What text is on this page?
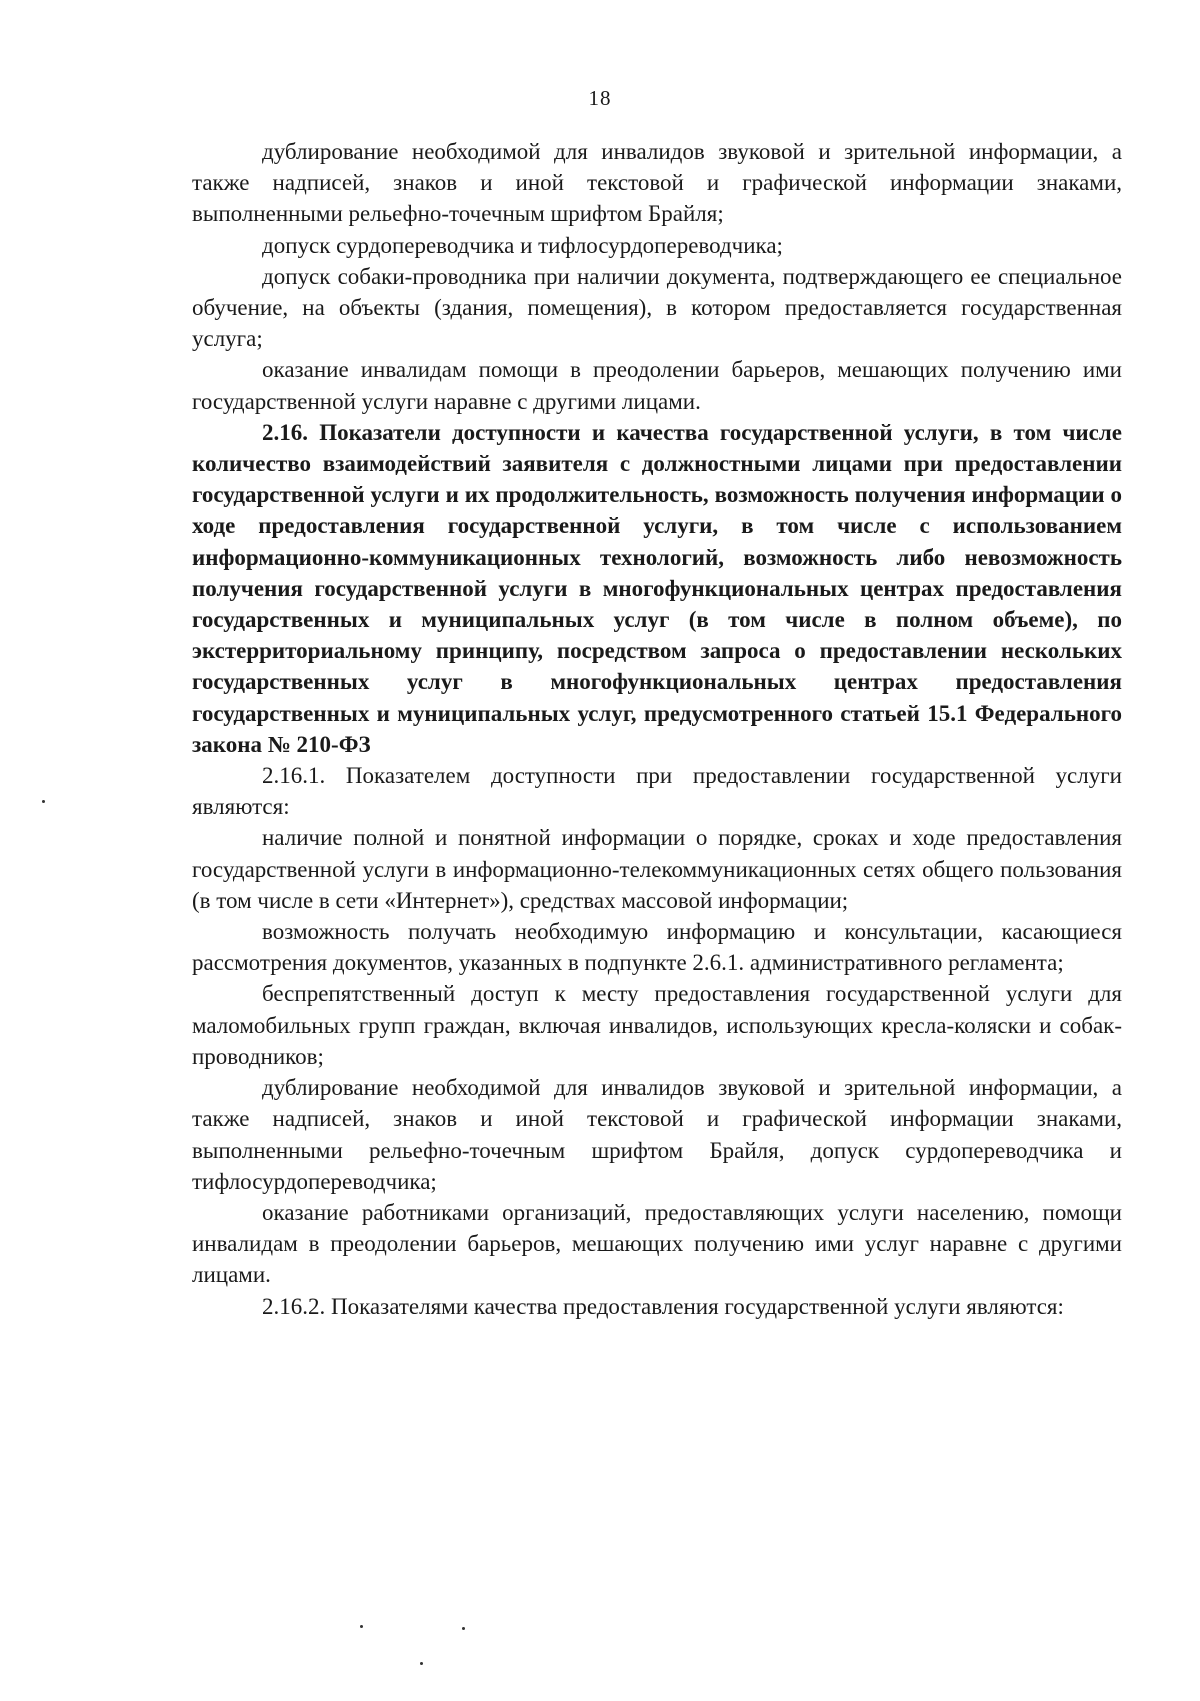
18

дублирование необходимой для инвалидов звуковой и зрительной информации, а также надписей, знаков и иной текстовой и графической информации знаками, выполненными рельефно-точечным шрифтом Брайля;

допуск сурдопереводчика и тифлосурдопереводчика;

допуск собаки-проводника при наличии документа, подтверждающего ее специальное обучение, на объекты (здания, помещения), в котором предоставляется государственная услуга;

оказание инвалидам помощи в преодолении барьеров, мешающих получению ими государственной услуги наравне с другими лицами.

2.16. Показатели доступности и качества государственной услуги, в том числе количество взаимодействий заявителя с должностными лицами при предоставлении государственной услуги и их продолжительность, возможность получения информации о ходе предоставления государственной услуги, в том числе с использованием информационно-коммуникационных технологий, возможность либо невозможность получения государственной услуги в многофункциональных центрах предоставления государственных и муниципальных услуг (в том числе в полном объеме), по экстерриториальному принципу, посредством запроса о предоставлении нескольких государственных услуг в многофункциональных центрах предоставления государственных и муниципальных услуг, предусмотренного статьей 15.1 Федерального закона № 210-ФЗ

2.16.1. Показателем доступности при предоставлении государственной услуги являются:

наличие полной и понятной информации о порядке, сроках и ходе предоставления государственной услуги в информационно-телекоммуникационных сетях общего пользования (в том числе в сети «Интернет»), средствах массовой информации;

возможность получать необходимую информацию и консультации, касающиеся рассмотрения документов, указанных в подпункте 2.6.1. административного регламента;

беспрепятственный доступ к месту предоставления государственной услуги для маломобильных групп граждан, включая инвалидов, использующих кресла-коляски и собак-проводников;

дублирование необходимой для инвалидов звуковой и зрительной информации, а также надписей, знаков и иной текстовой и графической информации знаками, выполненными рельефно-точечным шрифтом Брайля, допуск сурдопереводчика и тифлосурдопереводчика;

оказание работниками организаций, предоставляющих услуги населению, помощи инвалидам в преодолении барьеров, мешающих получению ими услуг наравне с другими лицами.

2.16.2. Показателями качества предоставления государственной услуги являются:
